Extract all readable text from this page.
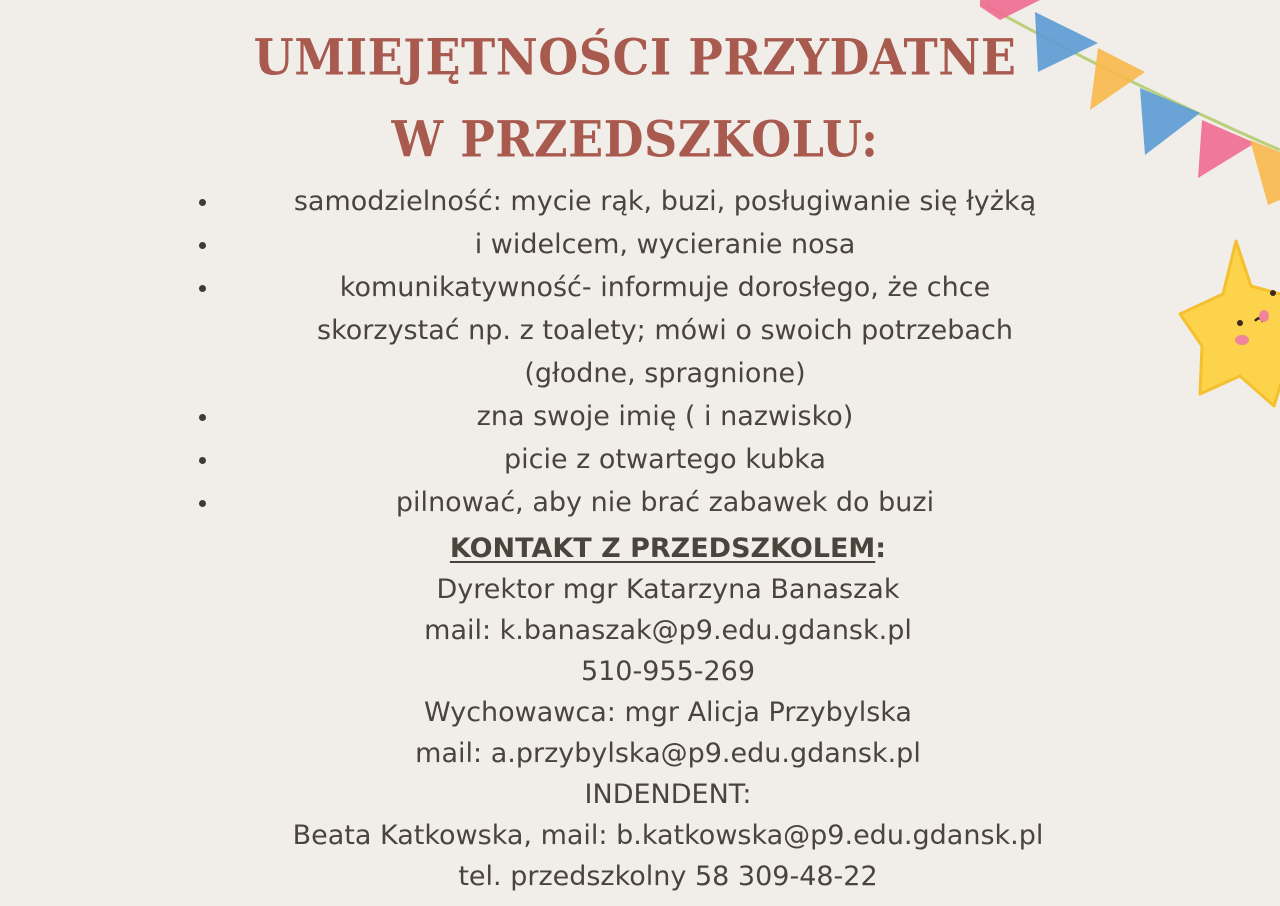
UMIEJĘTNOŚCI PRZYDATNE
W PRZEDSZKOLU:
samodzielność: mycie rąk, buzi, posługiwanie się łyżką
i widelcem, wycieranie nosa
komunikatywność- informuje dorosłego, że chce
skorzystać np. z toalety; mówi o swoich potrzebach
(głodne, spragnione)
zna swoje imię ( i nazwisko)
picie z otwartego kubka
pilnować, aby nie brać zabawek do buzi
KONTAKT Z PRZEDSZKOLEM:
Dyrektor mgr Katarzyna Banaszak
mail: k.banaszak@p9.edu.gdansk.pl
510-955-269
Wychowawca: mgr Alicja Przybylska
mail: a.przybylska@p9.edu.gdansk.pl
INDENDENT:
Beata Katkowska, mail: b.katkowska@p9.edu.gdansk.pl
tel. przedszkolny 58 309-48-22
